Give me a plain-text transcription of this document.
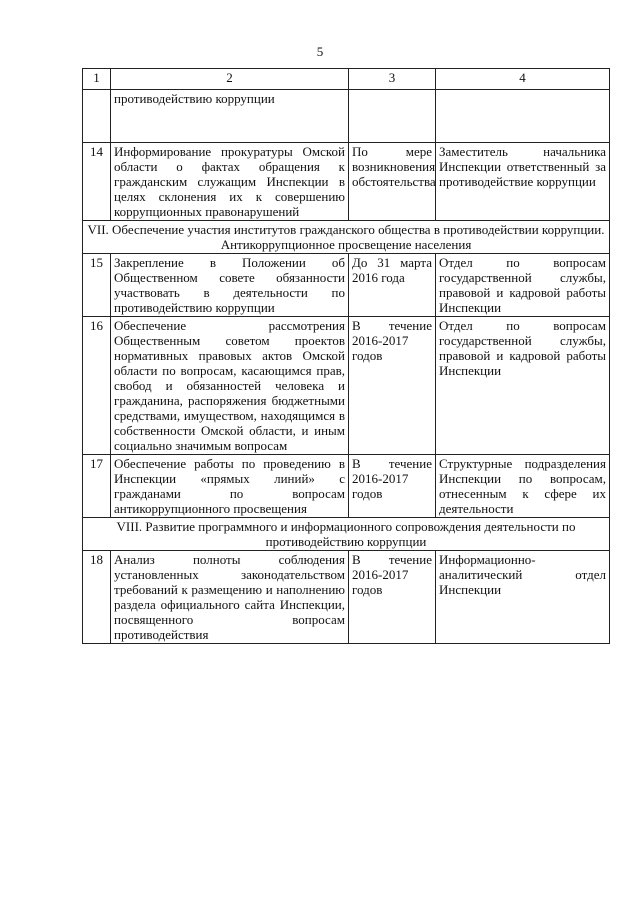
5
1	2	3	4
	противодействию коррупции		
14	Информирование прокуратуры Омской области о фактах обращения к гражданским служащим Инспекции в целях склонения их к совершению коррупционных правонарушений	По мере возникновения обстоятельства	Заместитель начальника Инспекции ответственный за противодействие коррупции
VII. Обеспечение участия институтов гражданского общества в противодействии коррупции. Антикоррупционное просвещение населения			
15	Закрепление в Положении об Общественном совете обязанности участвовать в деятельности по противодействию коррупции	До 31 марта 2016 года	Отдел по вопросам государственной службы, правовой и кадровой работы Инспекции
16	Обеспечение рассмотрения Общественным советом проектов нормативных правовых актов Омской области по вопросам, касающимся прав, свобод и обязанностей человека и гражданина, распоряжения бюджетными средствами, имуществом, находящимся в собственности Омской области, и иным социально значимым вопросам	В течение 2016-2017 годов	Отдел по вопросам государственной службы, правовой и кадровой работы Инспекции
17	Обеспечение работы по проведению в Инспекции «прямых линий» с гражданами по вопросам антикоррупционного просвещения	В течение 2016-2017 годов	Структурные подразделения Инспекции по вопросам, отнесенным к сфере их деятельности
VIII. Развитие программного и информационного сопровождения деятельности по противодействию коррупции			
18	Анализ полноты соблюдения установленных законодательством требований к размещению и наполнению раздела официального сайта Инспекции, посвященного вопросам противодействия	В течение 2016-2017 годов	Информационно-аналитический отдел Инспекции
